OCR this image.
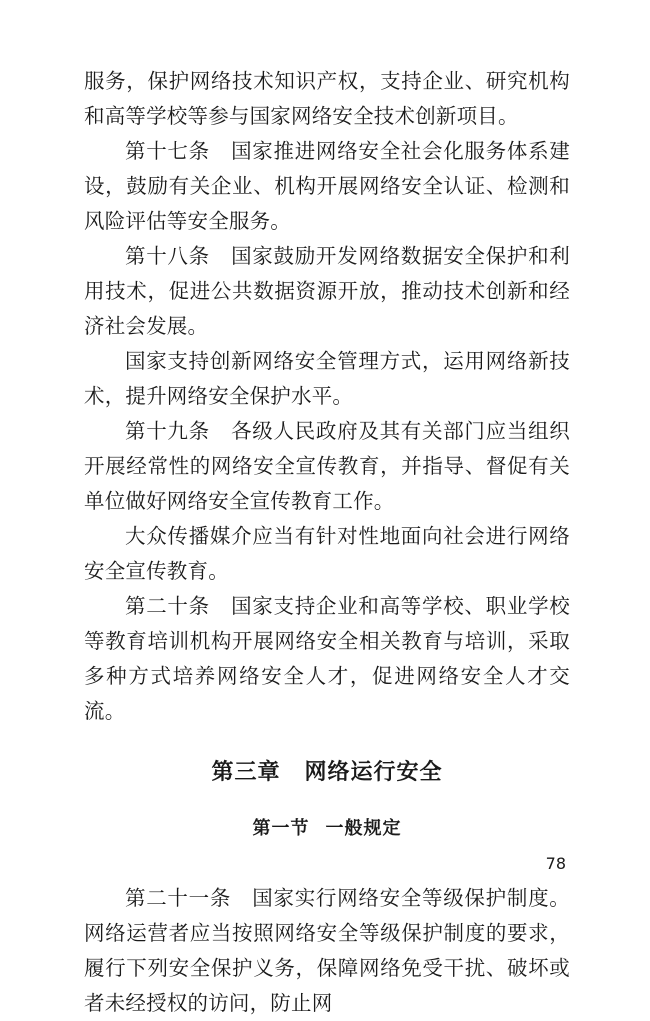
服务，保护网络技术知识产权，支持企业、研究机构和高等学校等参与国家网络安全技术创新项目。

第十七条　国家推进网络安全社会化服务体系建设，鼓励有关企业、机构开展网络安全认证、检测和风险评估等安全服务。

第十八条　国家鼓励开发网络数据安全保护和利用技术，促进公共数据资源开放，推动技术创新和经济社会发展。

国家支持创新网络安全管理方式，运用网络新技术，提升网络安全保护水平。

第十九条　各级人民政府及其有关部门应当组织开展经常性的网络安全宣传教育，并指导、督促有关单位做好网络安全宣传教育工作。

大众传播媒介应当有针对性地面向社会进行网络安全宣传教育。

第二十条　国家支持企业和高等学校、职业学校等教育培训机构开展网络安全相关教育与培训，采取多种方式培养网络安全人才，促进网络安全人才交流。

第三章 网络运行安全
第一节 一般规定

第二十一条　国家实行网络安全等级保护制度。网络运营者应当按照网络安全等级保护制度的要求，履行下列安全保护义务，保障网络免受干扰、破坏或者未经授权的访问，防止网

78
